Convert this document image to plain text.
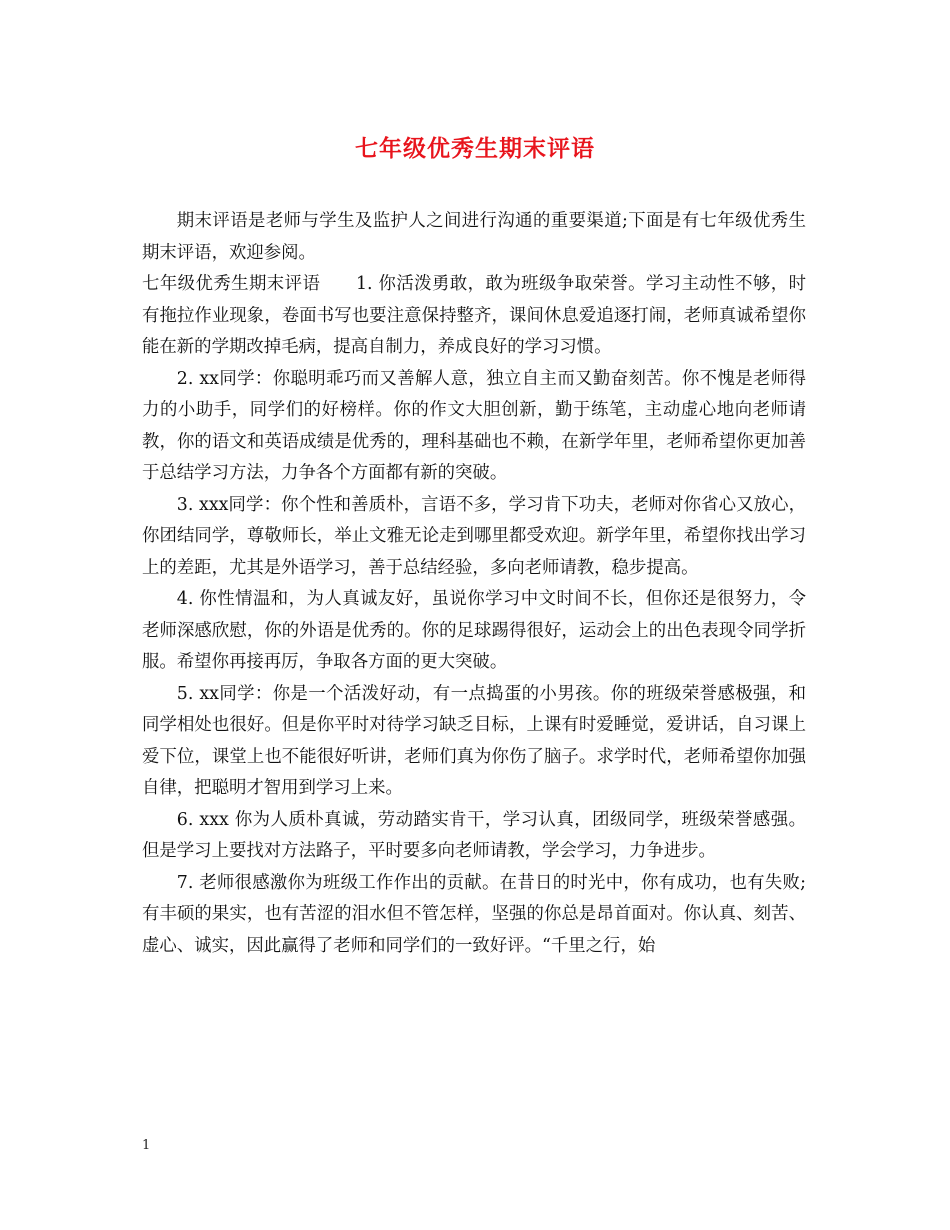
七年级优秀生期末评语

期末评语是老师与学生及监护人之间进行沟通的重要渠道;下面是有七年级优秀生期末评语，欢迎参阅。

七年级优秀生期末评语　　1. 你活泼勇敢，敢为班级争取荣誉。学习主动性不够，时有拖拉作业现象，卷面书写也要注意保持整齐，课间休息爱追逐打闹，老师真诚希望你能在新的学期改掉毛病，提高自制力，养成良好的学习习惯。

2. xx同学：你聪明乖巧而又善解人意，独立自主而又勤奋刻苦。你不愧是老师得力的小助手，同学们的好榜样。你的作文大胆创新，勤于练笔，主动虚心地向老师请教，你的语文和英语成绩是优秀的，理科基础也不赖，在新学年里，老师希望你更加善于总结学习方法，力争各个方面都有新的突破。

3. xxx同学：你个性和善质朴，言语不多，学习肯下功夫，老师对你省心又放心，你团结同学，尊敬师长，举止文雅无论走到哪里都受欢迎。新学年里，希望你找出学习上的差距，尤其是外语学习，善于总结经验，多向老师请教，稳步提高。

4. 你性情温和，为人真诚友好，虽说你学习中文时间不长，但你还是很努力，令老师深感欣慰，你的外语是优秀的。你的足球踢得很好，运动会上的出色表现令同学折服。希望你再接再厉，争取各方面的更大突破。

5. xx同学：你是一个活泼好动，有一点捣蛋的小男孩。你的班级荣誉感极强，和同学相处也很好。但是你平时对待学习缺乏目标，上课有时爱睡觉，爱讲话，自习课上爱下位，课堂上也不能很好听讲，老师们真为你伤了脑子。求学时代，老师希望你加强自律，把聪明才智用到学习上来。

6. xxx 你为人质朴真诚，劳动踏实肯干，学习认真，团级同学，班级荣誉感强。但是学习上要找对方法路子，平时要多向老师请教，学会学习，力争进步。

7. 老师很感激你为班级工作作出的贡献。在昔日的时光中，你有成功，也有失败;有丰硕的果实，也有苦涩的泪水但不管怎样，坚强的你总是昂首面对。你认真、刻苦、虚心、诚实，因此赢得了老师和同学们的一致好评。“千里之行，始

1
